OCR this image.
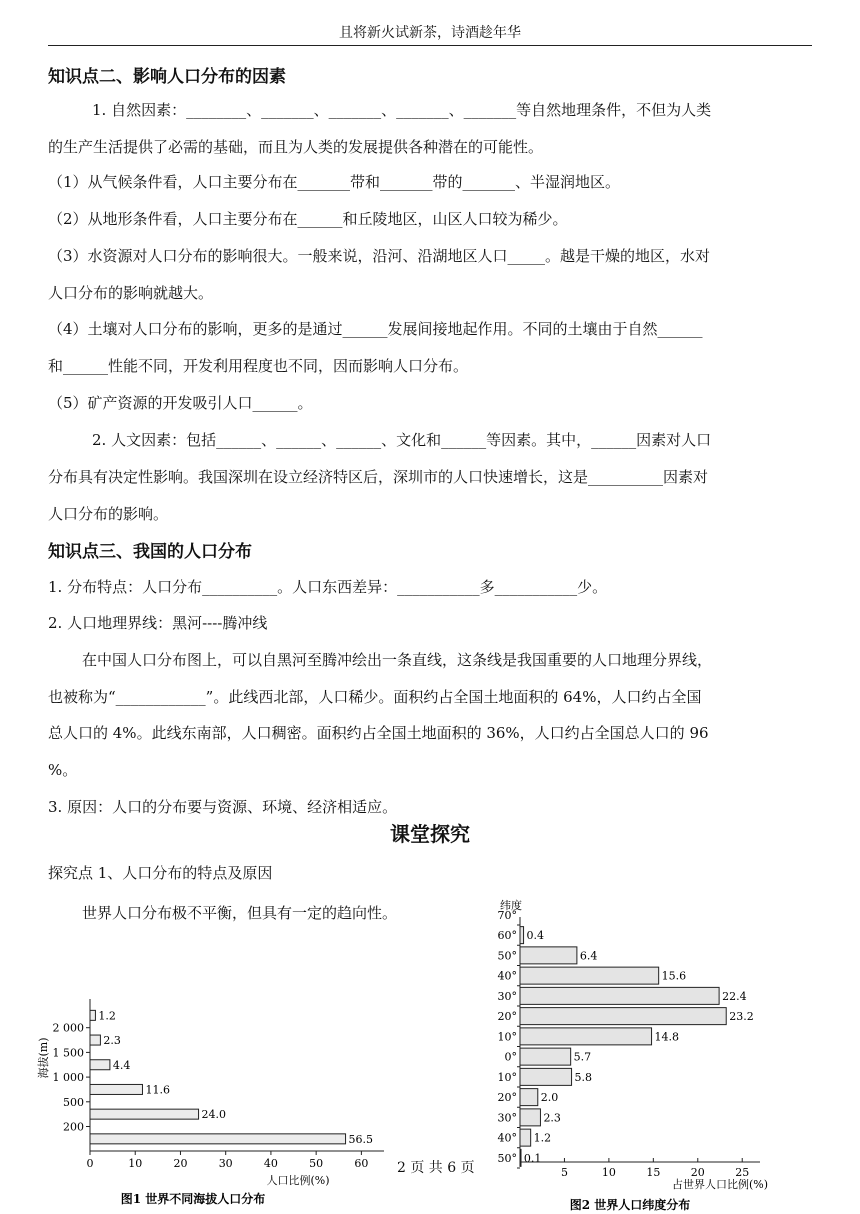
且将新火试新茶，诗酒趁年华
知识点二、影响人口分布的因素
1. 自然因素：________、_______、_______、_______、_______等自然地理条件，不但为人类
的生产生活提供了必需的基础，而且为人类的发展提供各种潜在的可能性。
（1）从气候条件看，人口主要分布在_______带和_______带的_______、半湿润地区。
（2）从地形条件看，人口主要分布在______和丘陵地区，山区人口较为稀少。
（3）水资源对人口分布的影响很大。一般来说，沿河、沿湖地区人口_____。越是干燥的地区，水对
人口分布的影响就越大。
（4）土壤对人口分布的影响，更多的是通过______发展间接地起作用。不同的土壤由于自然______
和______性能不同，开发利用程度也不同，因而影响人口分布。
（5）矿产资源的开发吸引人口______。
2. 人文因素：包括______、______、______、文化和______等因素。其中，______因素对人口
分布具有决定性影响。我国深圳在设立经济特区后，深圳市的人口快速增长，这是__________因素对
人口分布的影响。
知识点三、我国的人口分布
1. 分布特点：人口分布__________。人口东西差异：___________多___________少。
2. 人口地理界线：黑河----腾冲线
在中国人口分布图上，可以自黑河至腾冲绘出一条直线，这条线是我国重要的人口地理分界线，
也被称为“____________”。此线西北部，人口稀少。面积约占全国土地面积的 64%，人口约占全国
总人口的 4%。此线东南部，人口稠密。面积约占全国土地面积的 36%，人口约占全国总人口的 96
%。
3. 原因：人口的分布要与资源、环境、经济相适应。
课堂探究
探究点 1、人口分布的特点及原因
世界人口分布极不平衡，但具有一定的趋向性。
2 页 共 6 页
56.5
24.0
11.6
4.4
2.3
1.2
海拔(m)
人口比例(%)
图1 世界不同海拔人口分布
200
500
1 000
1 500
2 000
0	10	20	30	40	50	60
0.4
6.4
15.6
22.4
23.2
14.8
5.7
5.8
2.0
2.3
1.2
0.1
纬度
占世界人口比例(%)
图2 世界人口纬度分布
70°
60°
50°
40°
30°
20°
10°
0°
10°
20°
30°
40°
50°
5	10	15	20	25
